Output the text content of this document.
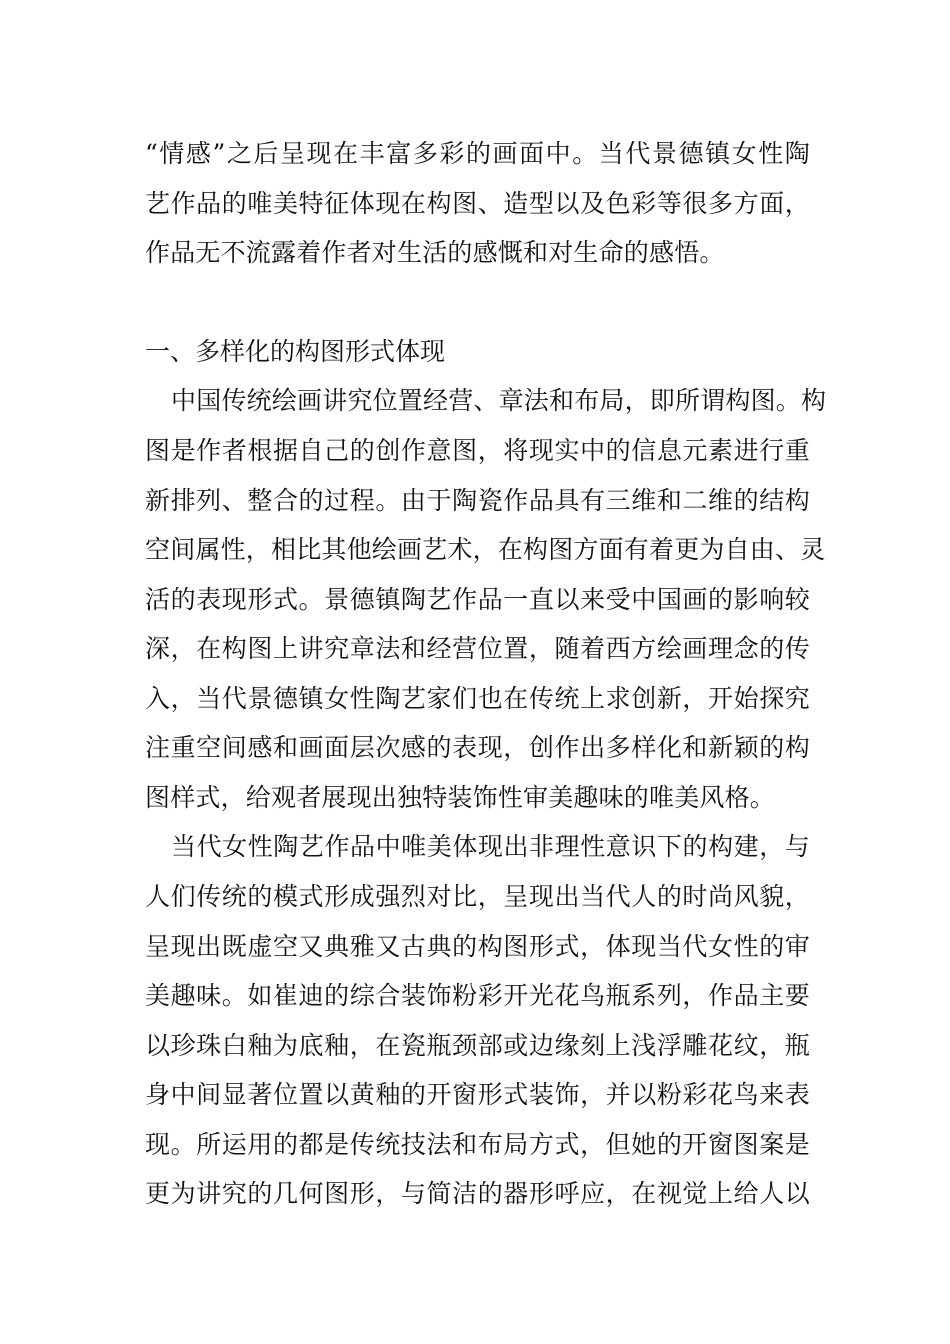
“情感”之后呈现在丰富多彩的画面中。当代景德镇女性陶
艺作品的唯美特征体现在构图、造型以及色彩等很多方面，
作品无不流露着作者对生活的感慨和对生命的感悟。
一、多样化的构图形式体现
中国传统绘画讲究位置经营、章法和布局，即所谓构图。构
图是作者根据自己的创作意图，将现实中的信息元素进行重
新排列、整合的过程。由于陶瓷作品具有三维和二维的结构
空间属性，相比其他绘画艺术，在构图方面有着更为自由、灵
活的表现形式。景德镇陶艺作品一直以来受中国画的影响较
深，在构图上讲究章法和经营位置，随着西方绘画理念的传
入，当代景德镇女性陶艺家们也在传统上求创新，开始探究
注重空间感和画面层次感的表现，创作出多样化和新颖的构
图样式，给观者展现出独特装饰性审美趣味的唯美风格。
当代女性陶艺作品中唯美体现出非理性意识下的构建，与
人们传统的模式形成强烈对比，呈现出当代人的时尚风貌，
呈现出既虚空又典雅又古典的构图形式，体现当代女性的审
美趣味。如崔迪的综合装饰粉彩开光花鸟瓶系列，作品主要
以珍珠白釉为底釉，在瓷瓶颈部或边缘刻上浅浮雕花纹，瓶
身中间显著位置以黄釉的开窗形式装饰，并以粉彩花鸟来表
现。所运用的都是传统技法和布局方式，但她的开窗图案是
更为讲究的几何图形，与简洁的器形呼应，在视觉上给人以
